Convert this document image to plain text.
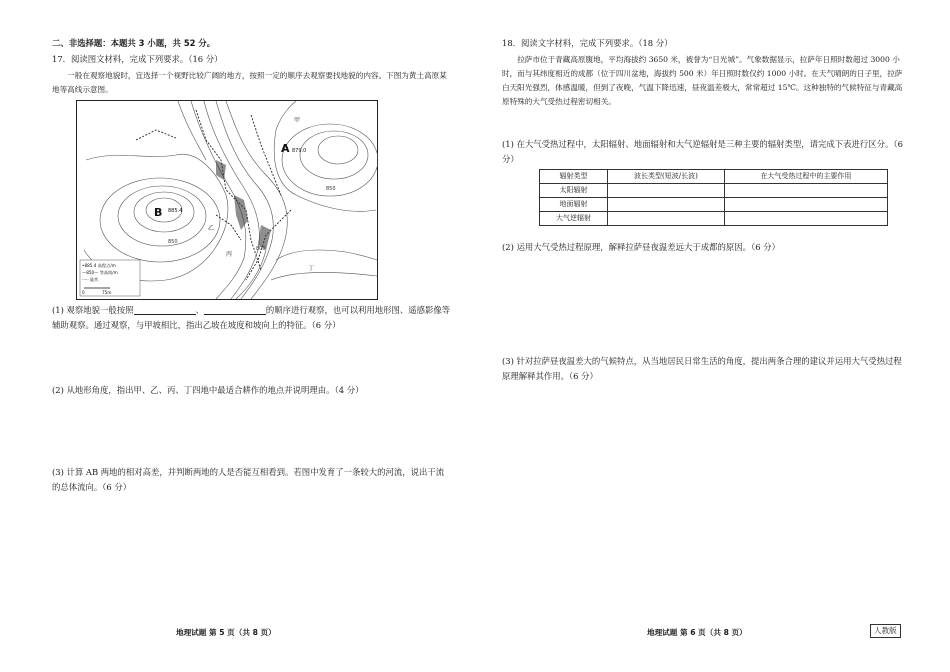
二、非选择题：本题共 3 小题，共 52 分。

17．阅读图文材料，完成下列要求。（16 分）

一般在观察地貌时，宜选择一个视野比较广阔的地方，按照一定的顺序去观察要找地貌的内容。下图为黄土高原某地等高线示意图。

(1) 观察地貌一般按照	、	的顺序进行观察，也可以利用地形图、遥感影像等辅助观察。通过观察，与甲坡相比，指出乙坡在坡度和坡向上的特征。（6 分）

(2) 从地形角度，指出甲、乙、丙、丁四地中最适合耕作的地点并说明理由。（4 分）

(3) 计算 AB 两地的相对高差，并判断两地的人是否能互相看到。若图中发育了一条较大的河流，说出干流的总体流向。（6 分）

A 879.0
B 885.4
甲
乙
丙
丁
850
850
800
•885.4 高程点/m
—850— 等高线/m
····· 陡坎
0	75m
地理试题 第 5 页（共 8 页）

18．阅读文字材料，完成下列要求。（18 分）

拉萨市位于青藏高原腹地，平均海拔约 3650 米，被誉为“日光城”。气象数据显示，拉萨年日照时数超过 3000 小时，而与其纬度相近的成都（位于四川盆地，海拔约 500 米）年日照时数仅约 1000 小时。在天气晴朗的日子里，拉萨白天阳光强烈，体感温暖，但到了夜晚，气温下降迅速，昼夜温差极大，常常超过 15℃。这种独特的气候特征与青藏高原特殊的大气受热过程密切相关。

(1) 在大气受热过程中，太阳辐射、地面辐射和大气逆辐射是三种主要的辐射类型，请完成下表进行区分。（6 分）

辐射类型	波长类型(短波/长波)	在大气受热过程中的主要作用
太阳辐射		
地面辐射		
大气逆辐射		

(2) 运用大气受热过程原理，解释拉萨昼夜温差远大于成都的原因。（6 分）

(3) 针对拉萨昼夜温差大的气候特点，从当地居民日常生活的角度，提出两条合理的建议并运用大气受热过程原理解释其作用。（6 分）

地理试题 第 6 页（共 8 页）	人教版
